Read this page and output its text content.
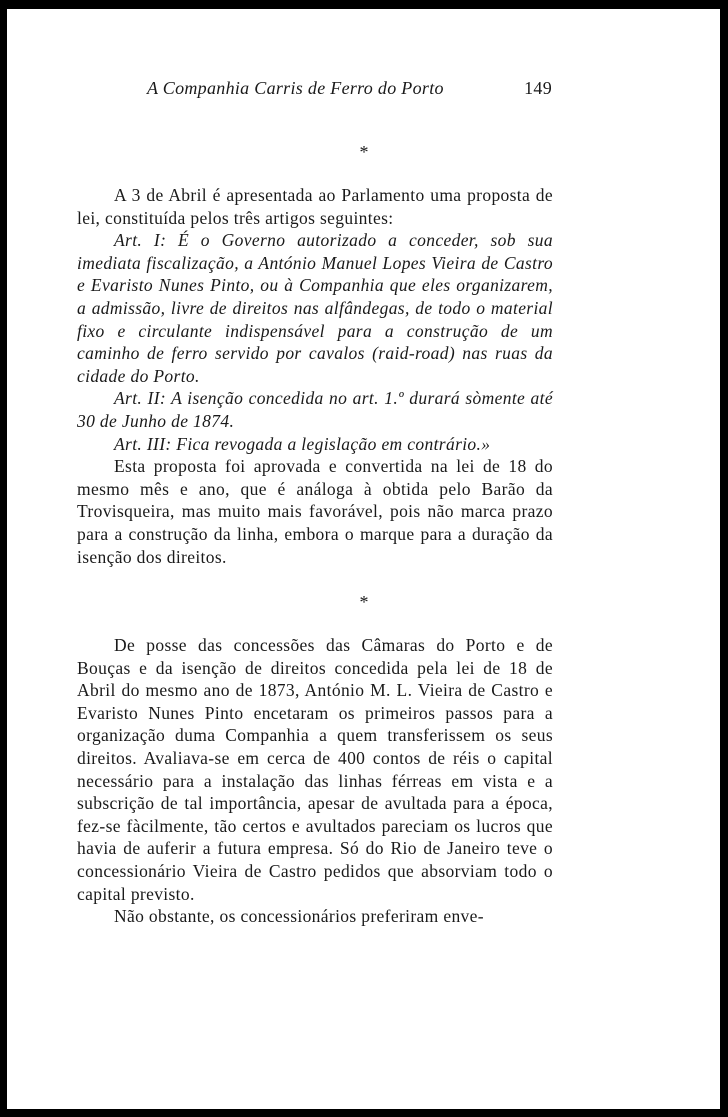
A Companhia Carris de Ferro do Porto	149
*

A 3 de Abril é apresentada ao Parlamento uma proposta de lei, constituída pelos três artigos seguintes:

Art. I: É o Governo autorizado a conceder, sob sua imediata fiscalização, a António Manuel Lopes Vieira de Castro e Evaristo Nunes Pinto, ou à Companhia que eles organizarem, a admissão, livre de direitos nas alfândegas, de todo o material fixo e circulante indispensável para a construção de um caminho de ferro servido por cavalos (raid-road) nas ruas da cidade do Porto.

Art. II: A isenção concedida no art. 1.º durará sòmente até 30 de Junho de 1874.

Art. III: Fica revogada a legislação em contrário.»

Esta proposta foi aprovada e convertida na lei de 18 do mesmo mês e ano, que é análoga à obtida pelo Barão da Trovisqueira, mas muito mais favorável, pois não marca prazo para a construção da linha, embora o marque para a duração da isenção dos direitos.

*

De posse das concessões das Câmaras do Porto e de Bouças e da isenção de direitos concedida pela lei de 18 de Abril do mesmo ano de 1873, António M. L. Vieira de Castro e Evaristo Nunes Pinto encetaram os primeiros passos para a organização duma Companhia a quem transferissem os seus direitos. Avaliava-se em cerca de 400 contos de réis o capital necessário para a instalação das linhas férreas em vista e a subscrição de tal importância, apesar de avultada para a época, fez-se fàcilmente, tão certos e avultados pareciam os lucros que havia de auferir a futura empresa. Só do Rio de Janeiro teve o concessionário Vieira de Castro pedidos que absorviam todo o capital previsto.

Não obstante, os concessionários preferiram enve-
